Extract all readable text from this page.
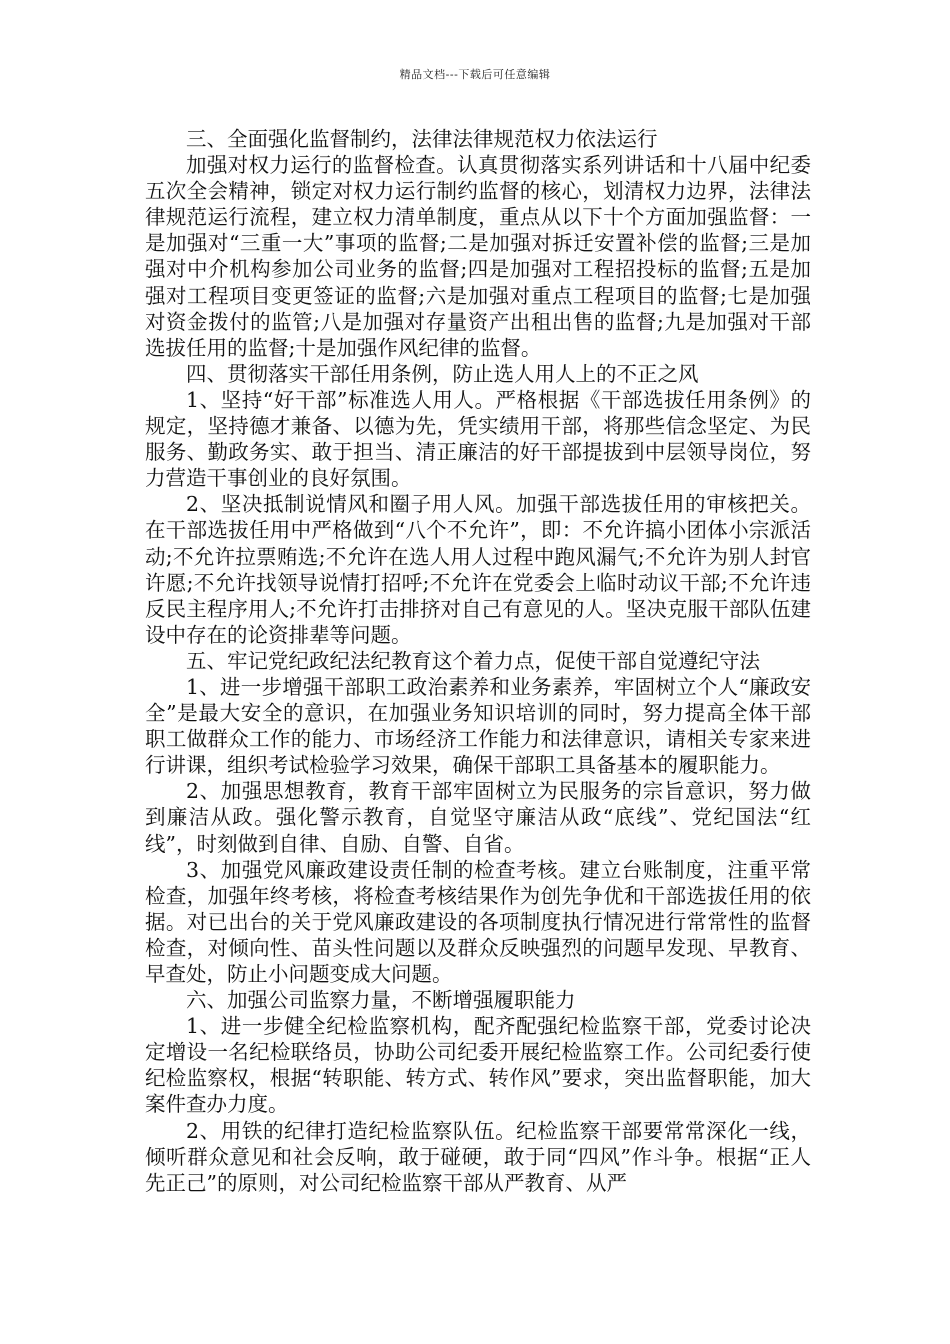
精品文档---下载后可任意编辑

三、全面强化监督制约，法律法律规范权力依法运行

加强对权力运行的监督检查。认真贯彻落实系列讲话和十八届中纪委五次全会精神，锁定对权力运行制约监督的核心，划清权力边界，法律法律规范运行流程，建立权力清单制度，重点从以下十个方面加强监督：一是加强对“三重一大”事项的监督;二是加强对拆迁安置补偿的监督;三是加强对中介机构参加公司业务的监督;四是加强对工程招投标的监督;五是加强对工程项目变更签证的监督;六是加强对重点工程项目的监督;七是加强对资金拨付的监管;八是加强对存量资产出租出售的监督;九是加强对干部选拔任用的监督;十是加强作风纪律的监督。

四、贯彻落实干部任用条例，防止选人用人上的不正之风

1、坚持“好干部”标准选人用人。严格根据《干部选拔任用条例》的规定，坚持德才兼备、以德为先，凭实绩用干部，将那些信念坚定、为民服务、勤政务实、敢于担当、清正廉洁的好干部提拔到中层领导岗位，努力营造干事创业的良好氛围。

2、坚决抵制说情风和圈子用人风。加强干部选拔任用的审核把关。在干部选拔任用中严格做到“八个不允许”，即：不允许搞小团体小宗派活动;不允许拉票贿选;不允许在选人用人过程中跑风漏气;不允许为别人封官许愿;不允许找领导说情打招呼;不允许在党委会上临时动议干部;不允许违反民主程序用人;不允许打击排挤对自己有意见的人。坚决克服干部队伍建设中存在的论资排辈等问题。

五、牢记党纪政纪法纪教育这个着力点，促使干部自觉遵纪守法

1、进一步增强干部职工政治素养和业务素养，牢固树立个人“廉政安全”是最大安全的意识，在加强业务知识培训的同时，努力提高全体干部职工做群众工作的能力、市场经济工作能力和法律意识，请相关专家来进行讲课，组织考试检验学习效果，确保干部职工具备基本的履职能力。

2、加强思想教育，教育干部牢固树立为民服务的宗旨意识，努力做到廉洁从政。强化警示教育，自觉坚守廉洁从政“底线”、党纪国法“红线”，时刻做到自律、自励、自警、自省。

3、加强党风廉政建设责任制的检查考核。建立台账制度，注重平常检查，加强年终考核，将检查考核结果作为创先争优和干部选拔任用的依据。对已出台的关于党风廉政建设的各项制度执行情况进行常常性的监督检查，对倾向性、苗头性问题以及群众反映强烈的问题早发现、早教育、早查处，防止小问题变成大问题。

六、加强公司监察力量，不断增强履职能力

1、进一步健全纪检监察机构，配齐配强纪检监察干部，党委讨论决定增设一名纪检联络员，协助公司纪委开展纪检监察工作。公司纪委行使纪检监察权，根据“转职能、转方式、转作风”要求，突出监督职能，加大案件查办力度。

2、用铁的纪律打造纪检监察队伍。纪检监察干部要常常深化一线，倾听群众意见和社会反响，敢于碰硬，敢于同“四风”作斗争。根据“正人先正己”的原则，对公司纪检监察干部从严教育、从严
